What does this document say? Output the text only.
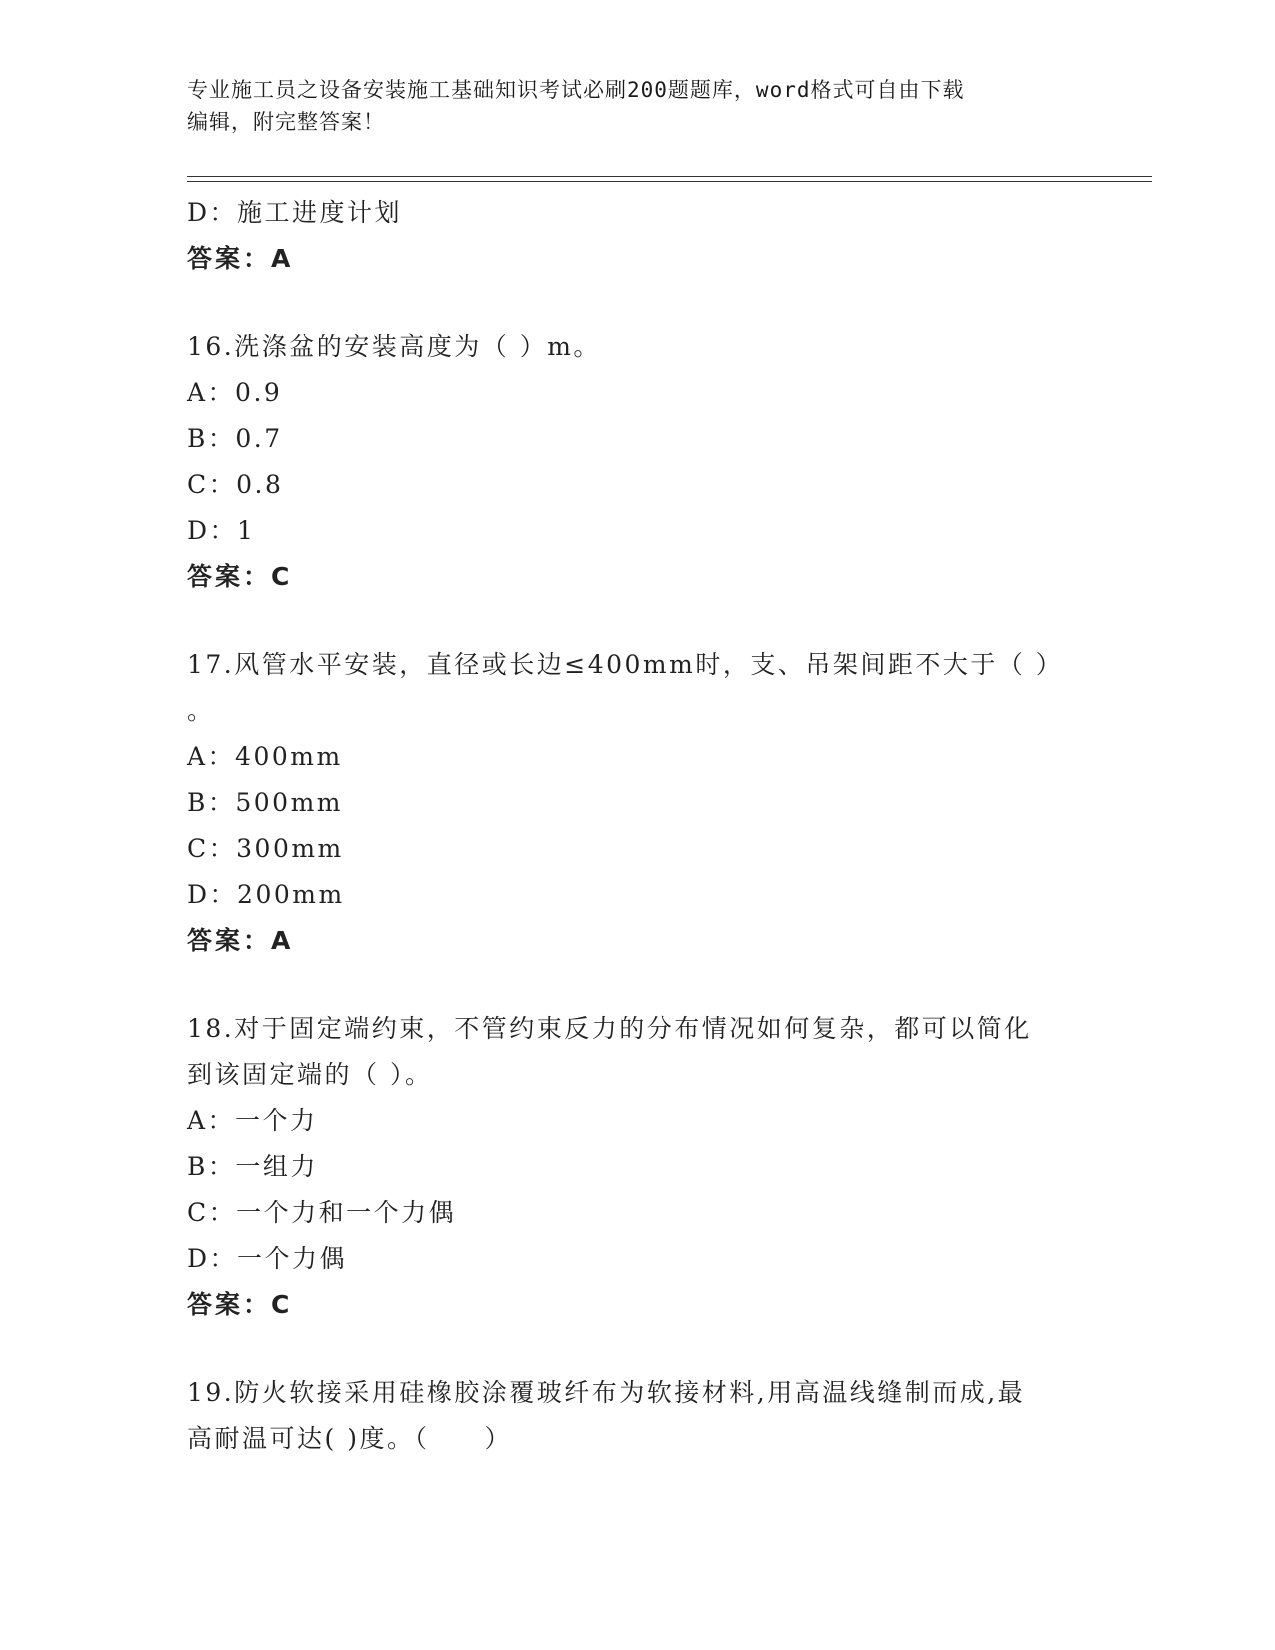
专业施工员之设备安装施工基础知识考试必刷200题题库，word格式可自由下载
编辑，附完整答案！
D：施工进度计划
答案：A
16.洗涤盆的安装高度为（ ）m。
A：0.9
B：0.7
C：0.8
D：1
答案：C
17.风管水平安装，直径或长边≤400mm时，支、吊架间距不大于（ ）
。
A：400mm
B：500mm
C：300mm
D：200mm
答案：A
18.对于固定端约束，不管约束反力的分布情况如何复杂，都可以简化
到该固定端的（ ）。
A：一个力
B：一组力
C：一个力和一个力偶
D：一个力偶
答案：C
19.防火软接采用硅橡胶涂覆玻纤布为软接材料,用高温线缝制而成,最
高耐温可达( )度。（　　）
